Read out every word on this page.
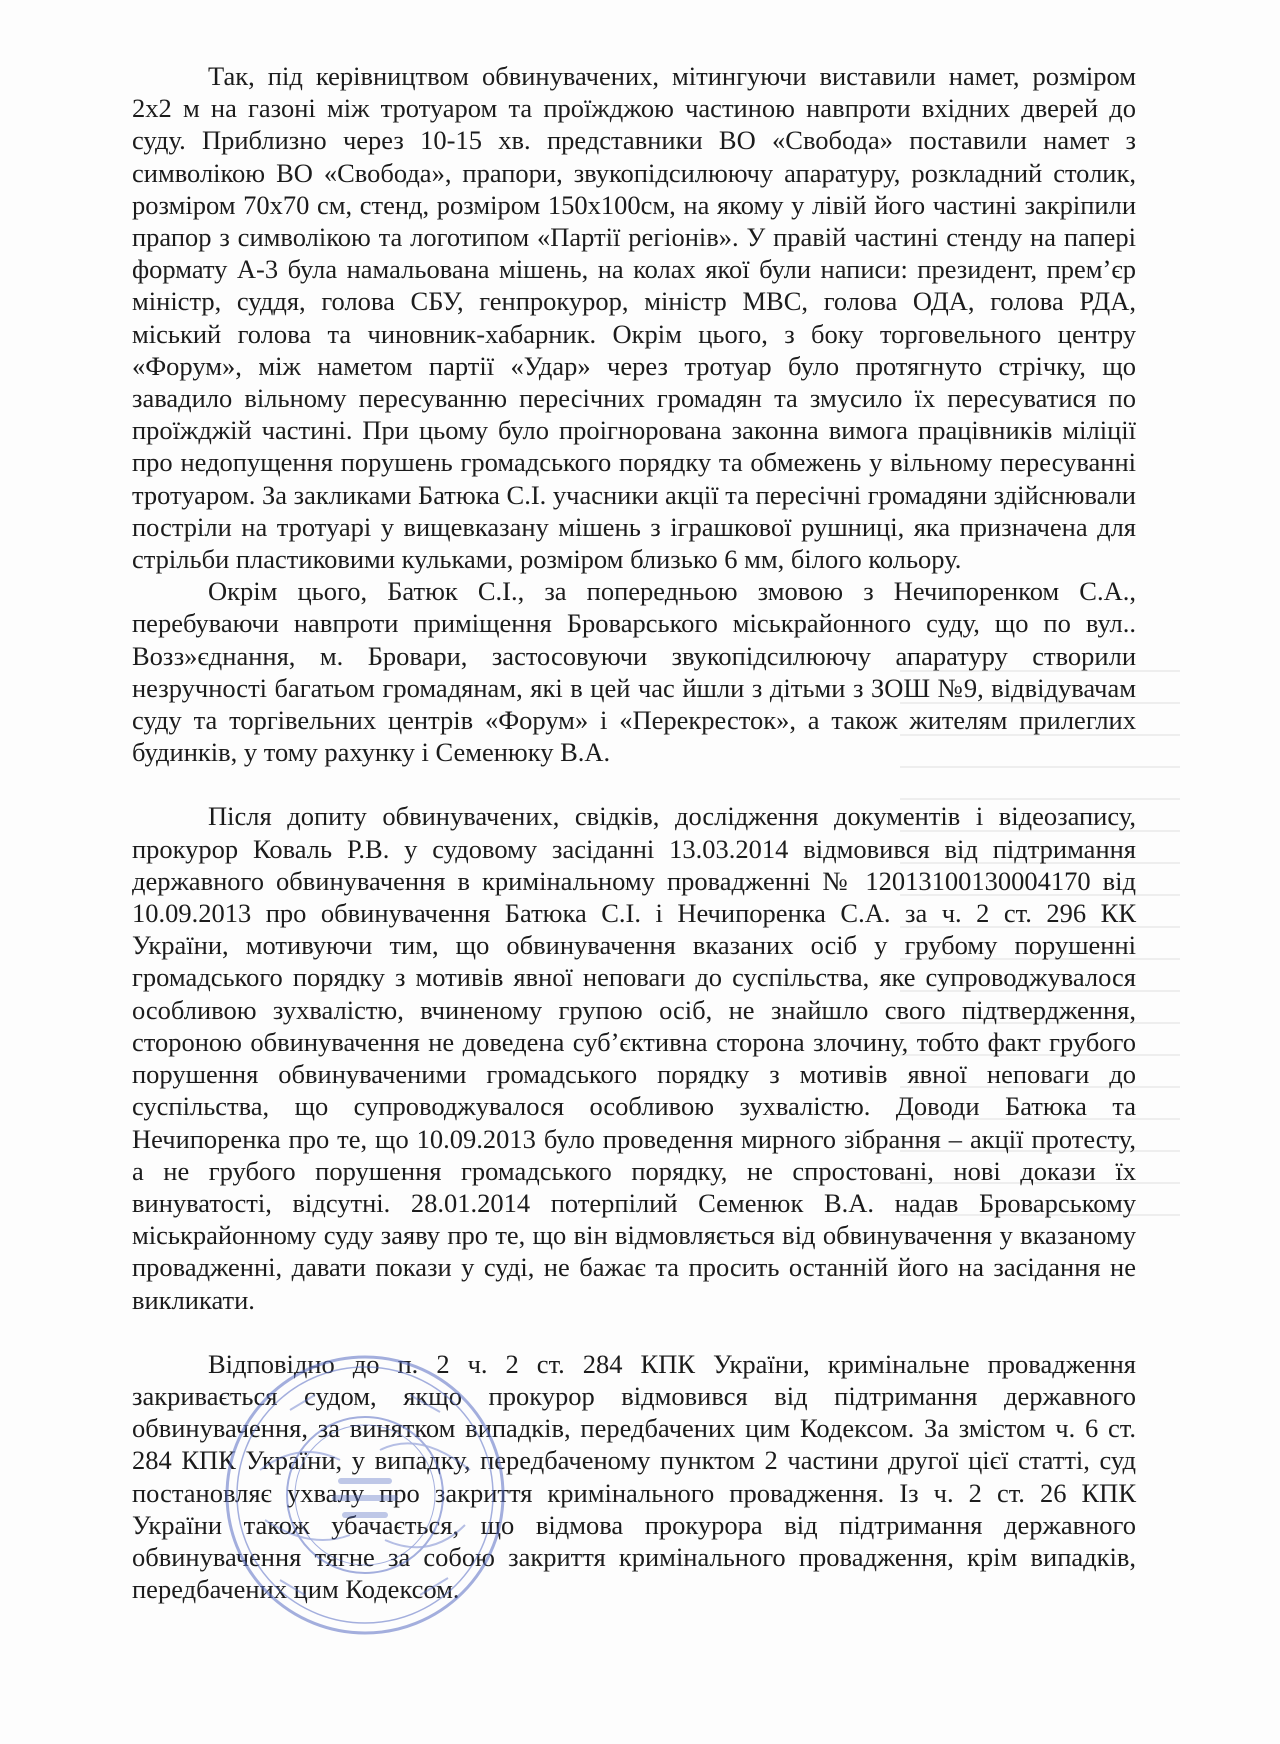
Так, під керівництвом обвинувачених, мітингуючи виставили намет, розміром 2х2 м на газоні між тротуаром та проїжджою частиною навпроти вхідних дверей до суду. Приблизно через 10-15 хв. представники ВО «Свобода» поставили намет з символікою ВО «Свобода», прапори, звукопідсилюючу апаратуру, розкладний столик, розміром 70х70 см, стенд, розміром 150х100см, на якому у лівій його частині закріпили прапор з символікою та логотипом «Партії регіонів». У правій частині стенду на папері формату А-3 була намальована мішень, на колах якої були написи: президент, прем’єр міністр, суддя, голова СБУ, генпрокурор, міністр МВС, голова ОДА, голова РДА, міський голова та чиновник-хабарник. Окрім цього, з боку торговельного центру «Форум», між наметом партії «Удар» через тротуар було протягнуто стрічку, що завадило вільному пересуванню пересічних громадян та змусило їх пересуватися по проїжджій частині. При цьому було проігнорована законна вимога працівників міліції про недопущення порушень громадського порядку та обмежень у вільному пересуванні тротуаром. За закликами Батюка С.І. учасники акції та пересічні громадяни здійснювали постріли на тротуарі у вищевказану мішень з іграшкової рушниці, яка призначена для стрільби пластиковими кульками, розміром близько 6 мм, білого кольору.

Окрім цього, Батюк С.І., за попередньою змовою з Нечипоренком С.А., перебуваючи навпроти приміщення Броварського міськрайонного суду, що по вул.. Возз»єднання, м. Бровари, застосовуючи звукопідсилюючу апаратуру створили незручності багатьом громадянам, які в цей час йшли з дітьми з ЗОШ №9, відвідувачам суду та торгівельних центрів «Форум» і «Перекресток», а також жителям прилеглих будинків, у тому рахунку і Семенюку В.А.

Після допиту обвинувачених, свідків, дослідження документів і відеозапису, прокурор Коваль Р.В. у судовому засіданні 13.03.2014 відмовився від підтримання державного обвинувачення в кримінальному провадженні № 12013100130004170 від 10.09.2013 про обвинувачення Батюка С.І. і Нечипоренка С.А. за ч. 2 ст. 296 КК України, мотивуючи тим, що обвинувачення вказаних осіб у грубому порушенні громадського порядку з мотивів явної неповаги до суспільства, яке супроводжувалося особливою зухвалістю, вчиненому групою осіб, не знайшло свого підтвердження, стороною обвинувачення не доведена суб’єктивна сторона злочину, тобто факт грубого порушення обвинуваченими громадського порядку з мотивів явної неповаги до суспільства, що супроводжувалося особливою зухвалістю. Доводи Батюка та Нечипоренка про те, що 10.09.2013 було проведення мирного зібрання – акції протесту, а не грубого порушення громадського порядку, не спростовані, нові докази їх винуватості, відсутні. 28.01.2014 потерпілий Семенюк В.А. надав Броварському міськрайонному суду заяву про те, що він відмовляється від обвинувачення у вказаному провадженні, давати покази у суді, не бажає та просить останній його на засідання не викликати.

Відповідно до п. 2 ч. 2 ст. 284 КПК України, кримінальне провадження закривається судом, якщо прокурор відмовився від підтримання державного обвинувачення, за винятком випадків, передбачених цим Кодексом. За змістом ч. 6 ст. 284 КПК України, у випадку, передбаченому пунктом 2 частини другої цієї статті, суд постановляє ухвалу про закриття кримінального провадження. Із ч. 2 ст. 26 КПК України також убачається, що відмова прокурора від підтримання державного обвинувачення тягне за собою закриття кримінального провадження, крім випадків, передбачених цим Кодексом.
